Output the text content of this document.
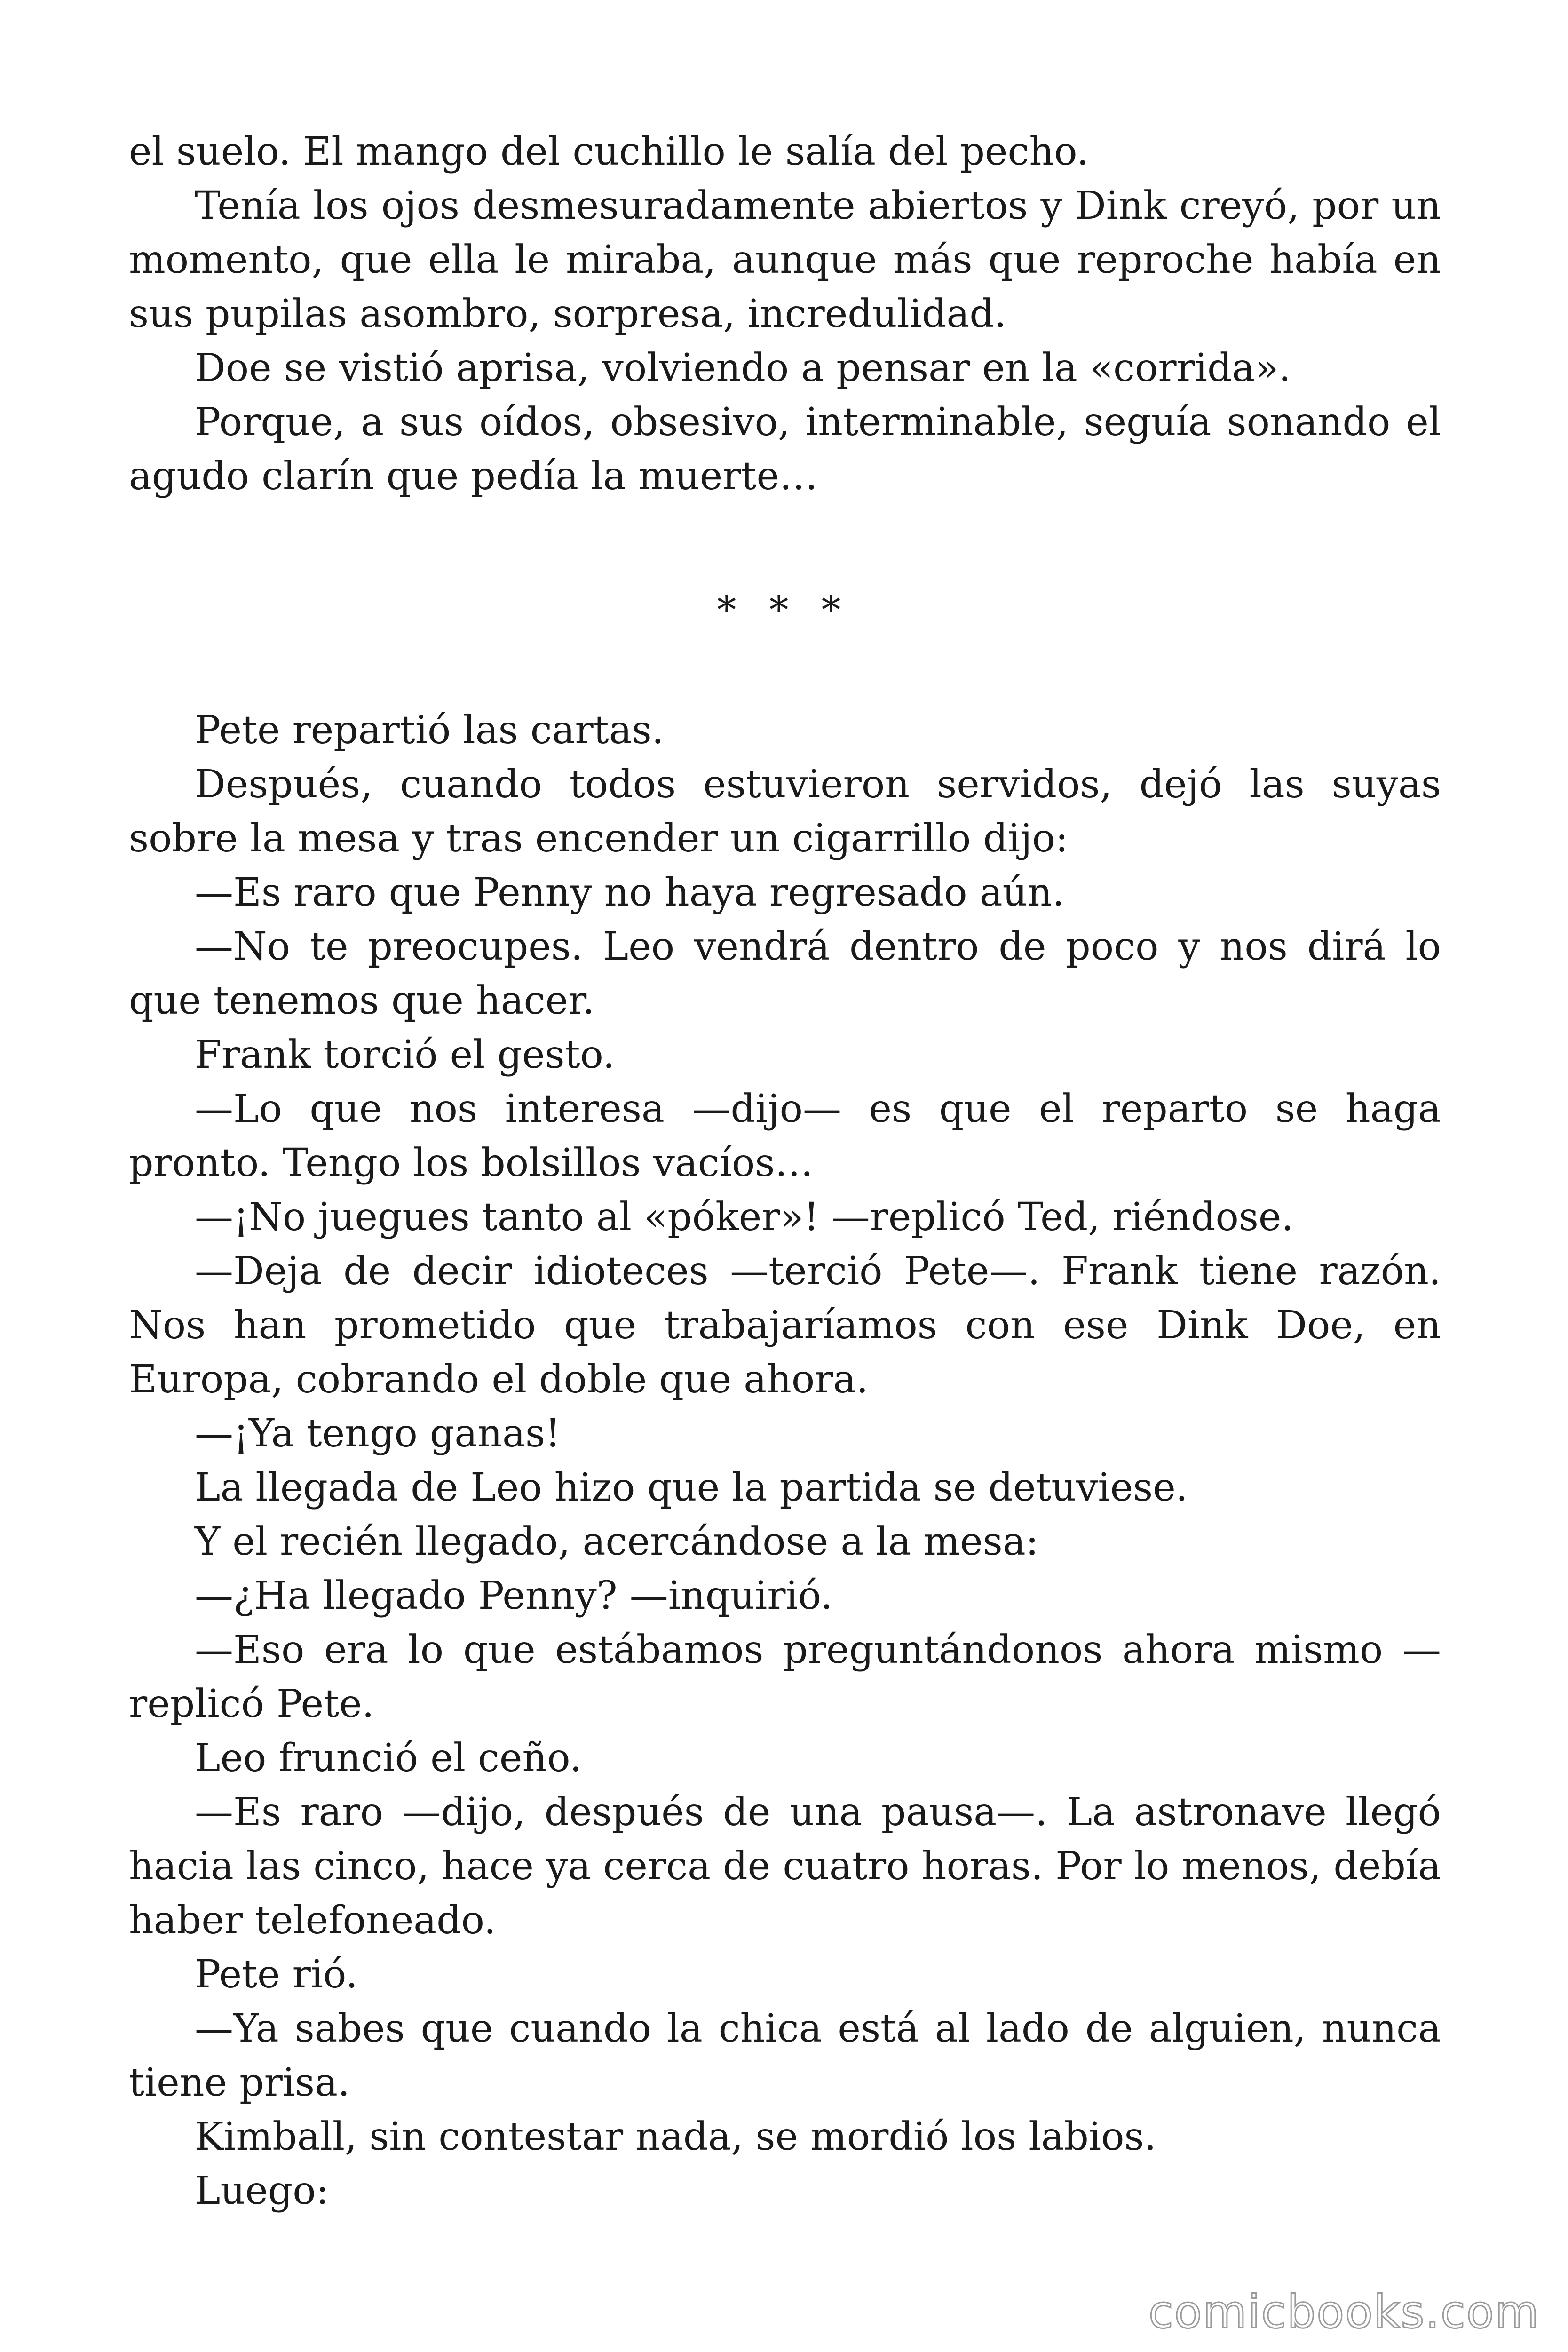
el suelo. El mango del cuchillo le salía del pecho.

Tenía los ojos desmesuradamente abiertos y Dink creyó, por un momento, que ella le miraba, aunque más que reproche había en sus pupilas asombro, sorpresa, incredulidad.

Doe se vistió aprisa, volviendo a pensar en la «corrida».

Porque, a sus oídos, obsesivo, interminable, seguía sonando el agudo clarín que pedía la muerte…

* * *

Pete repartió las cartas.

Después, cuando todos estuvieron servidos, dejó las suyas sobre la mesa y tras encender un cigarrillo dijo:

—Es raro que Penny no haya regresado aún.

—No te preocupes. Leo vendrá dentro de poco y nos dirá lo que tenemos que hacer.

Frank torció el gesto.

—Lo que nos interesa —dijo— es que el reparto se haga pronto. Tengo los bolsillos vacíos…

—¡No juegues tanto al «póker»! —replicó Ted, riéndose.

—Deja de decir idioteces —terció Pete—. Frank tiene razón. Nos han prometido que trabajaríamos con ese Dink Doe, en Europa, cobrando el doble que ahora.

—¡Ya tengo ganas!

La llegada de Leo hizo que la partida se detuviese.

Y el recién llegado, acercándose a la mesa:

—¿Ha llegado Penny? —inquirió.

—Eso era lo que estábamos preguntándonos ahora mismo —replicó Pete.

Leo frunció el ceño.

—Es raro —dijo, después de una pausa—. La astronave llegó hacia las cinco, hace ya cerca de cuatro horas. Por lo menos, debía haber telefoneado.

Pete rió.

—Ya sabes que cuando la chica está al lado de alguien, nunca tiene prisa.

Kimball, sin contestar nada, se mordió los labios.

Luego:

comicbooks.com
